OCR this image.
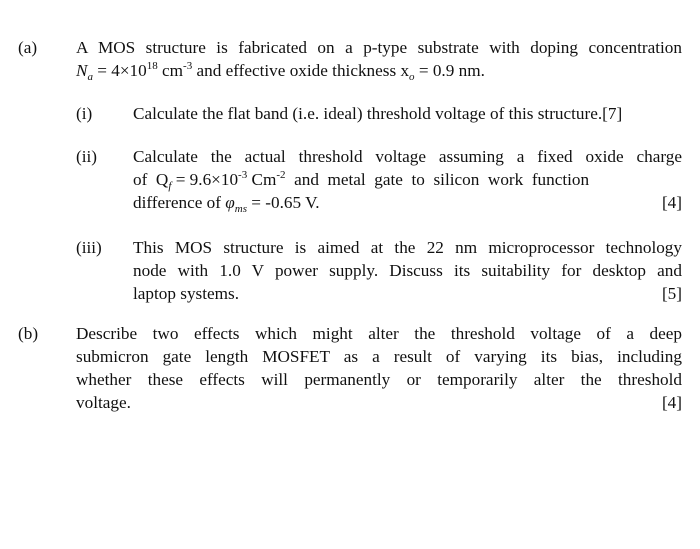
(a) A MOS structure is fabricated on a p-type substrate with doping concentration
$N_a = 4\times 10^{18}$ $cm^{-3}$ and effective oxide thickness $x_o = 0.9$ nm.
(i) Calculate the flat band (i.e. ideal) threshold voltage of this structure.[7]
(ii) Calculate the actual threshold voltage assuming a fixed oxide charge
of  $Q_f = 9.6\times 10^{-3}$ $Cm^{-2}$  and  metal  gate  to  silicon  work  function
difference of $\varphi_{ms} = -0.65$ V.	[4]
(iii) This MOS structure is aimed at the 22 nm microprocessor technology
node with 1.0 V power supply. Discuss its suitability for desktop and
laptop systems.	[5]
(b) Describe two effects which might alter the threshold voltage of a deep
submicron gate length MOSFET as a result of varying its bias, including
whether these effects will permanently or temporarily alter the threshold
voltage.	[4]
